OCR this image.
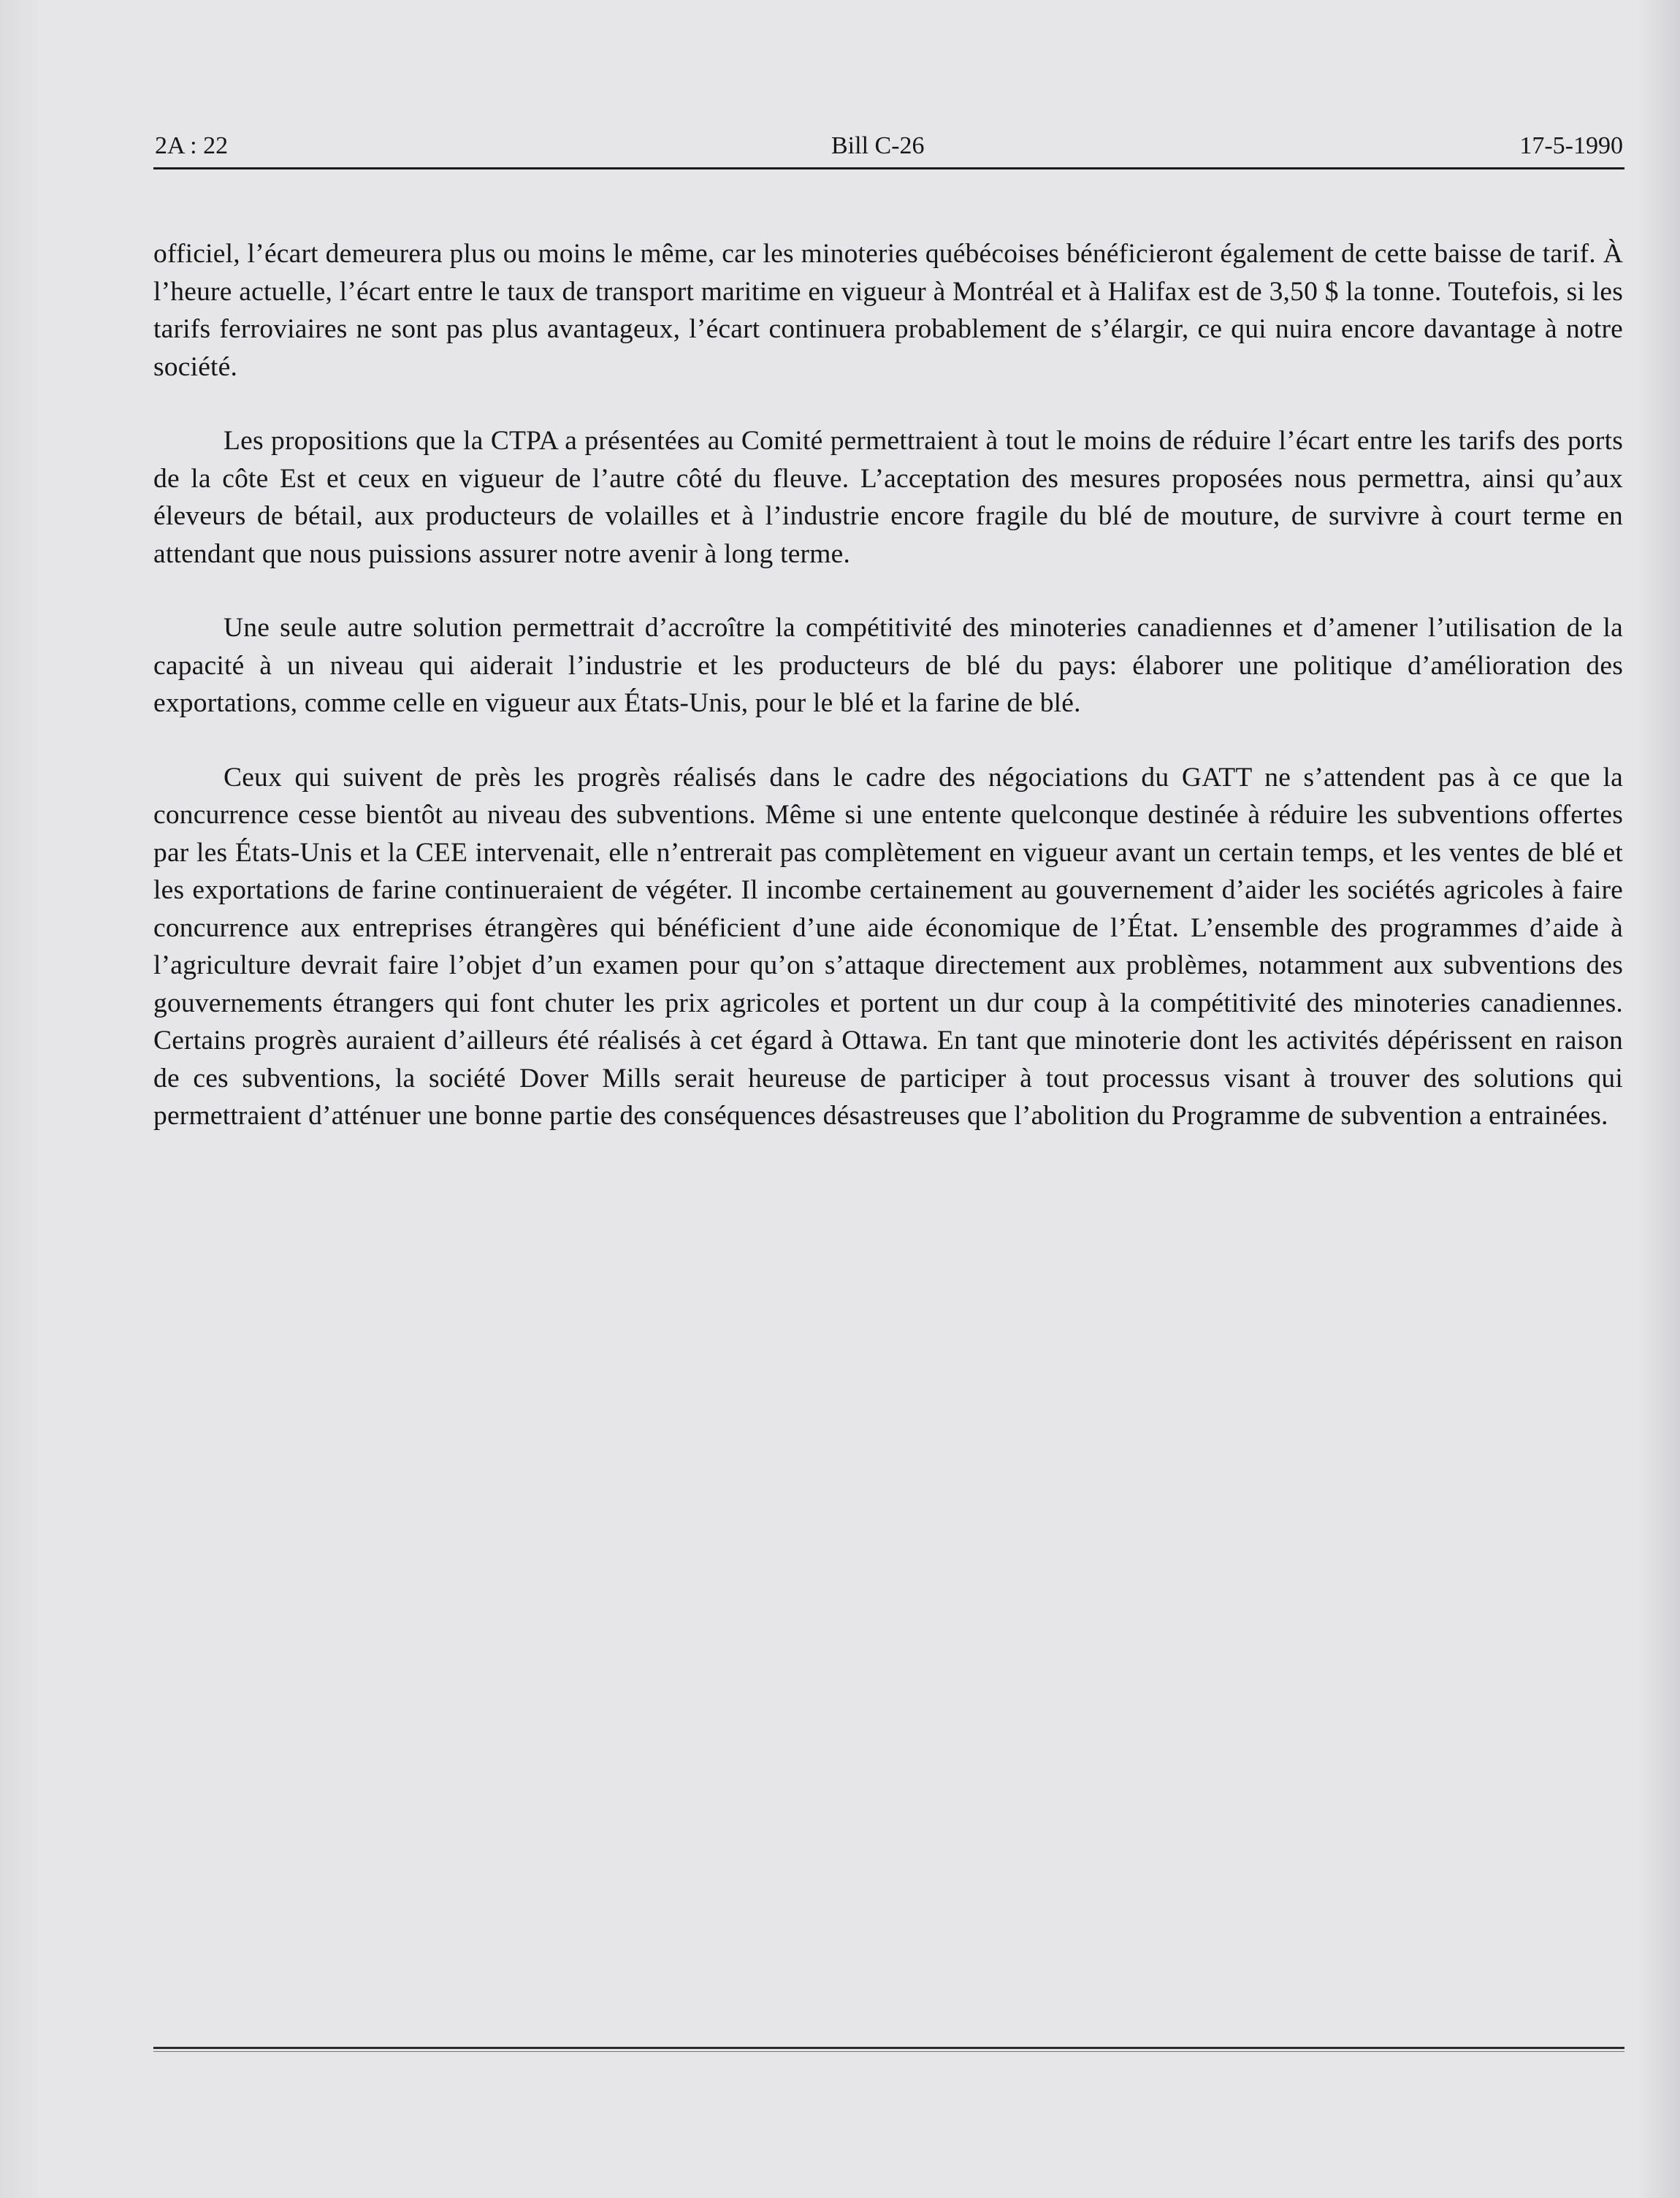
2A : 22	Bill C-26	17-5-1990

officiel, l’écart demeurera plus ou moins le même, car les minoteries québécoises bénéficieront également de cette baisse de tarif. À l’heure actuelle, l’écart entre le taux de transport maritime en vigueur à Montréal et à Halifax est de 3,50 $ la tonne. Toutefois, si les tarifs ferroviaires ne sont pas plus avantageux, l’écart continuera probablement de s’élargir, ce qui nuira encore davantage à notre société.

Les propositions que la CTPA a présentées au Comité permettraient à tout le moins de réduire l’écart entre les tarifs des ports de la côte Est et ceux en vigueur de l’autre côté du fleuve. L’acceptation des mesures proposées nous permettra, ainsi qu’aux éleveurs de bétail, aux producteurs de volailles et à l’industrie encore fragile du blé de mouture, de survivre à court terme en attendant que nous puissions assurer notre avenir à long terme.

Une seule autre solution permettrait d’accroître la compétitivité des minoteries canadiennes et d’amener l’utilisation de la capacité à un niveau qui aiderait l’industrie et les producteurs de blé du pays: élaborer une politique d’amélioration des exportations, comme celle en vigueur aux États-Unis, pour le blé et la farine de blé.

Ceux qui suivent de près les progrès réalisés dans le cadre des négociations du GATT ne s’attendent pas à ce que la concurrence cesse bientôt au niveau des subventions. Même si une entente quelconque destinée à réduire les subventions offertes par les États-Unis et la CEE intervenait, elle n’entrerait pas complètement en vigueur avant un certain temps, et les ventes de blé et les exportations de farine continueraient de végéter. Il incombe certainement au gouvernement d’aider les sociétés agricoles à faire concurrence aux entreprises étrangères qui bénéficient d’une aide économique de l’État. L’ensemble des programmes d’aide à l’agriculture devrait faire l’objet d’un examen pour qu’on s’attaque directement aux problèmes, notamment aux subventions des gouvernements étrangers qui font chuter les prix agricoles et portent un dur coup à la compétitivité des minoteries canadiennes. Certains progrès auraient d’ailleurs été réalisés à cet égard à Ottawa. En tant que minoterie dont les activités dépérissent en raison de ces subventions, la société Dover Mills serait heureuse de participer à tout processus visant à trouver des solutions qui permettraient d’atténuer une bonne partie des conséquences désastreuses que l’abolition du Programme de subvention a entrainées.
